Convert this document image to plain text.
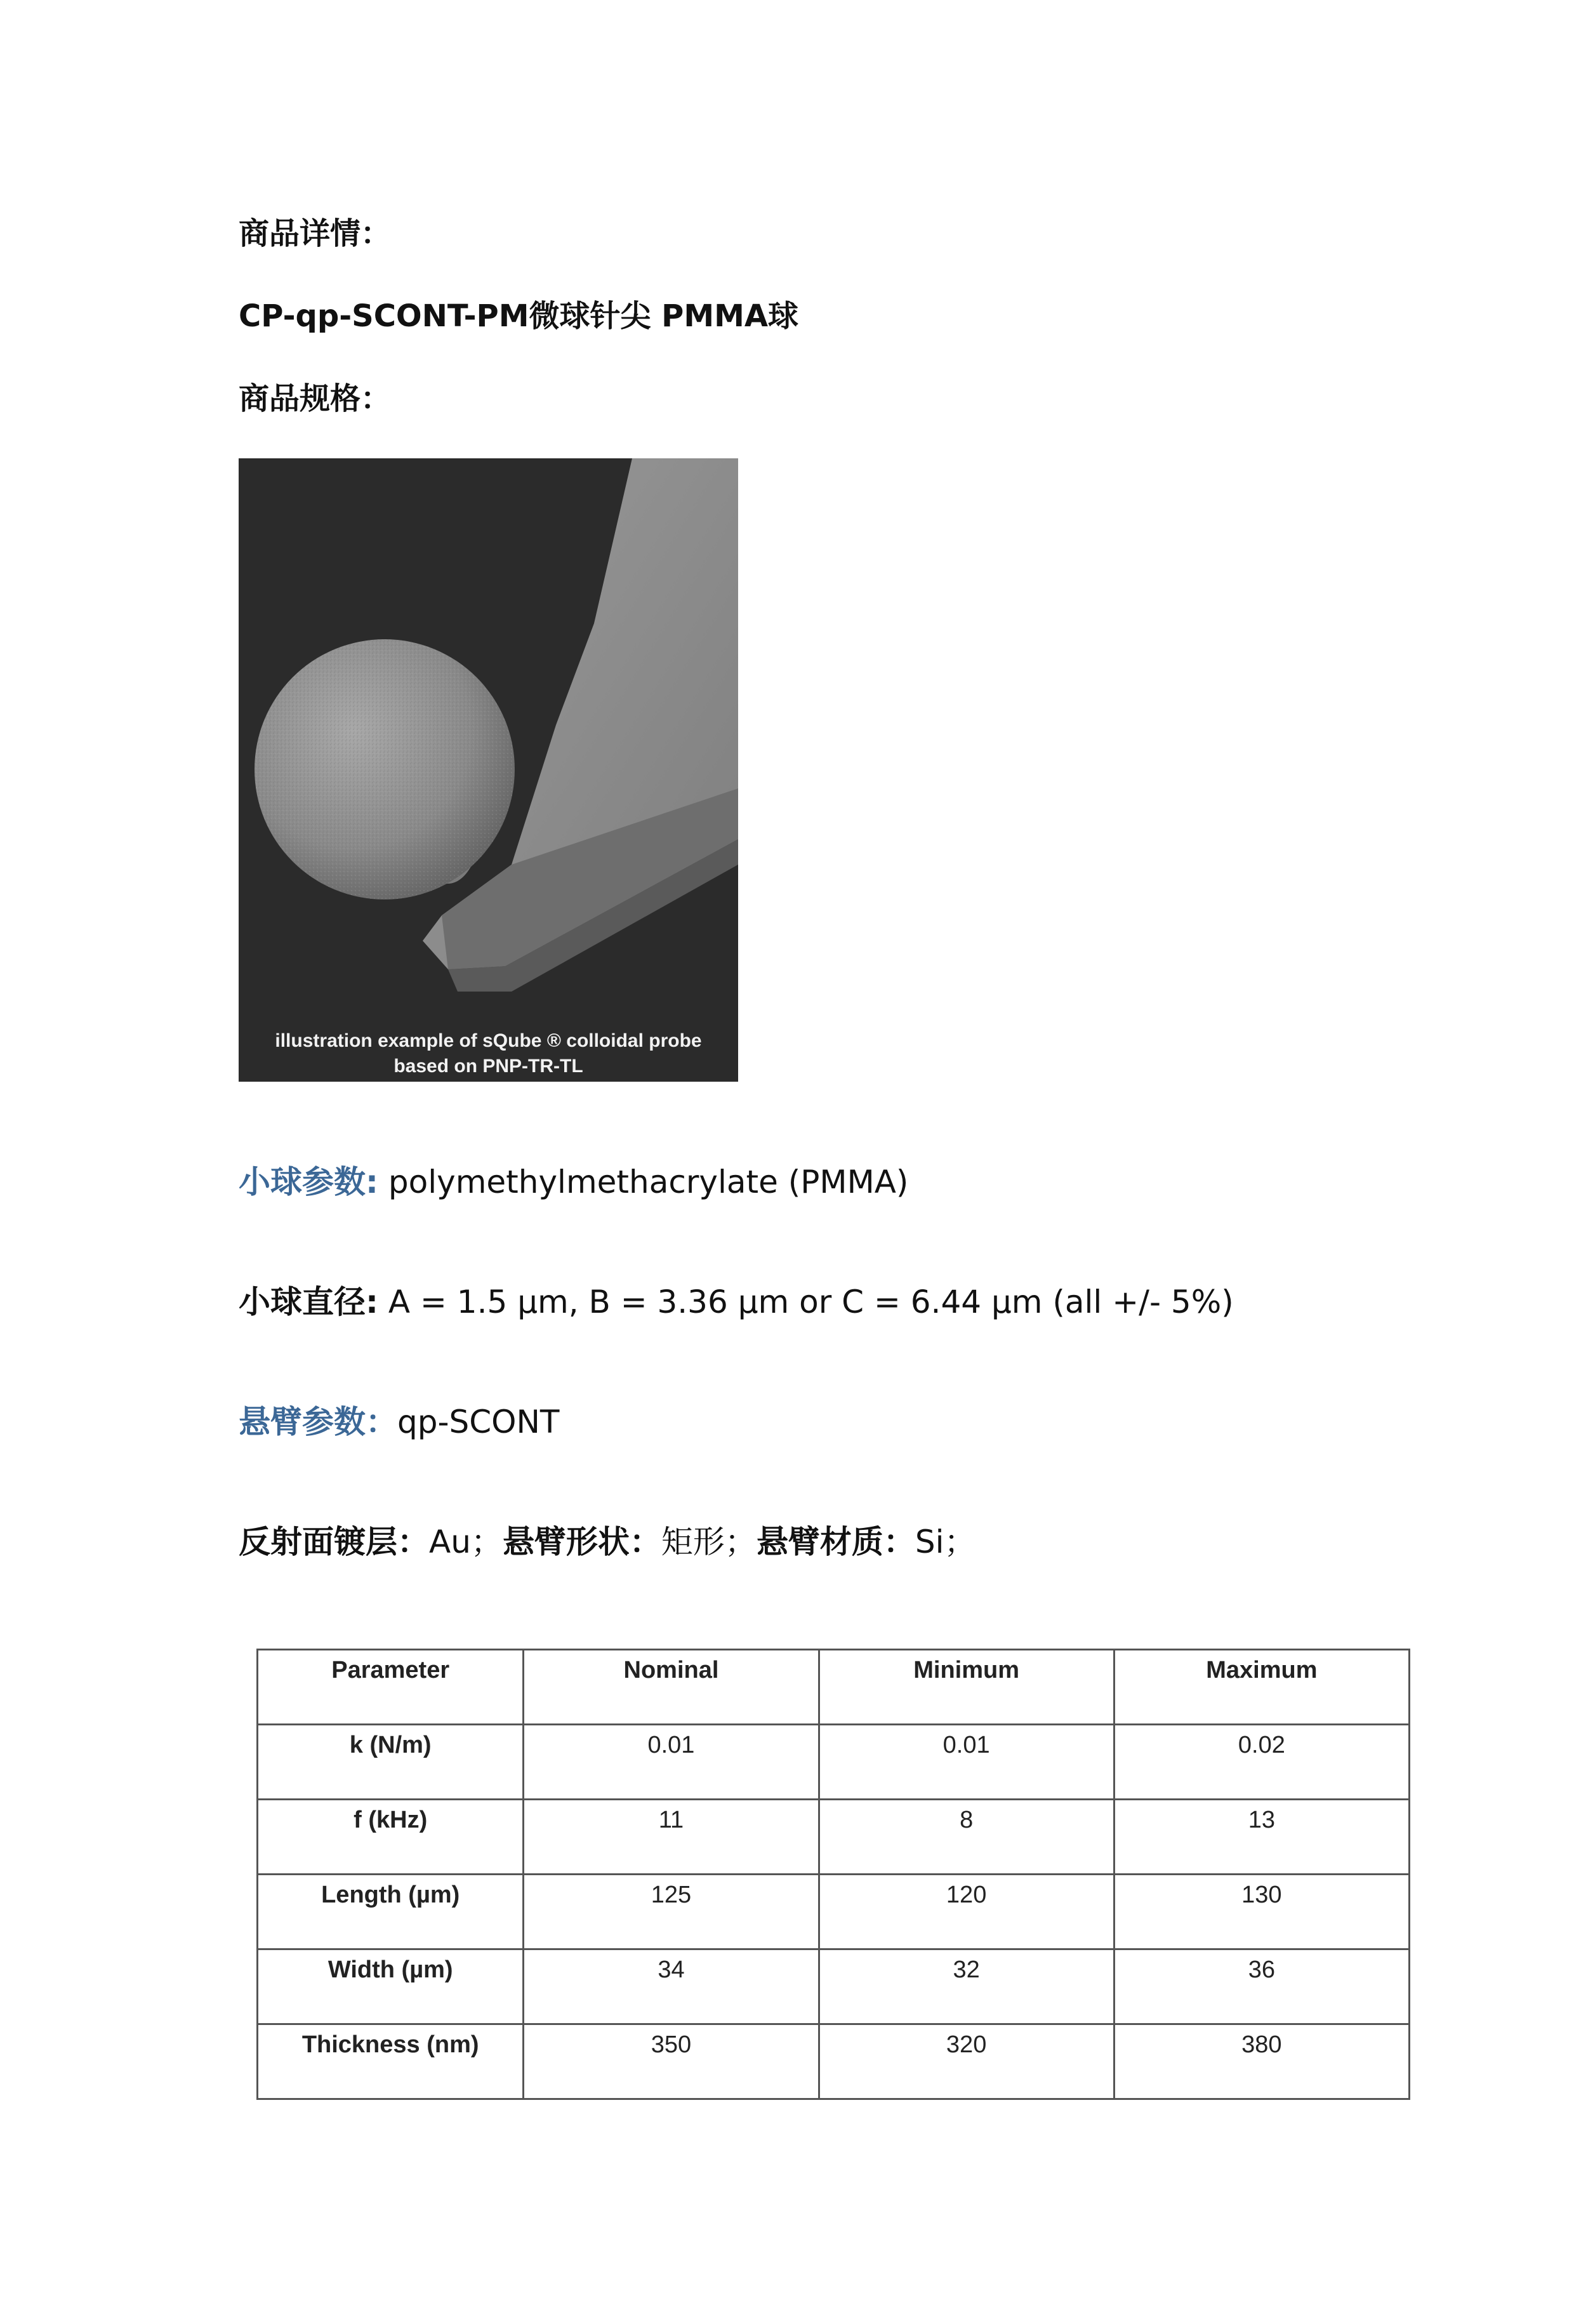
商品详情：
CP-qp-SCONT-PM微球针尖 PMMA球
商品规格：
illustration example of sQube ® colloidal probe
based on PNP-TR-TL
小球参数: polymethylmethacrylate (PMMA)
小球直径: A = 1.5 µm, B = 3.36 µm or C = 6.44 µm (all +/- 5%)
悬臂参数：qp-SCONT
反射面镀层：Au；悬臂形状：矩形；悬臂材质：Si；
Parameter	Nominal	Minimum	Maximum
k (N/m)	0.01	0.01	0.02
f (kHz)	11	8	13
Length (µm)	125	120	130
Width (µm)	34	32	36
Thickness (nm)	350	320	380
